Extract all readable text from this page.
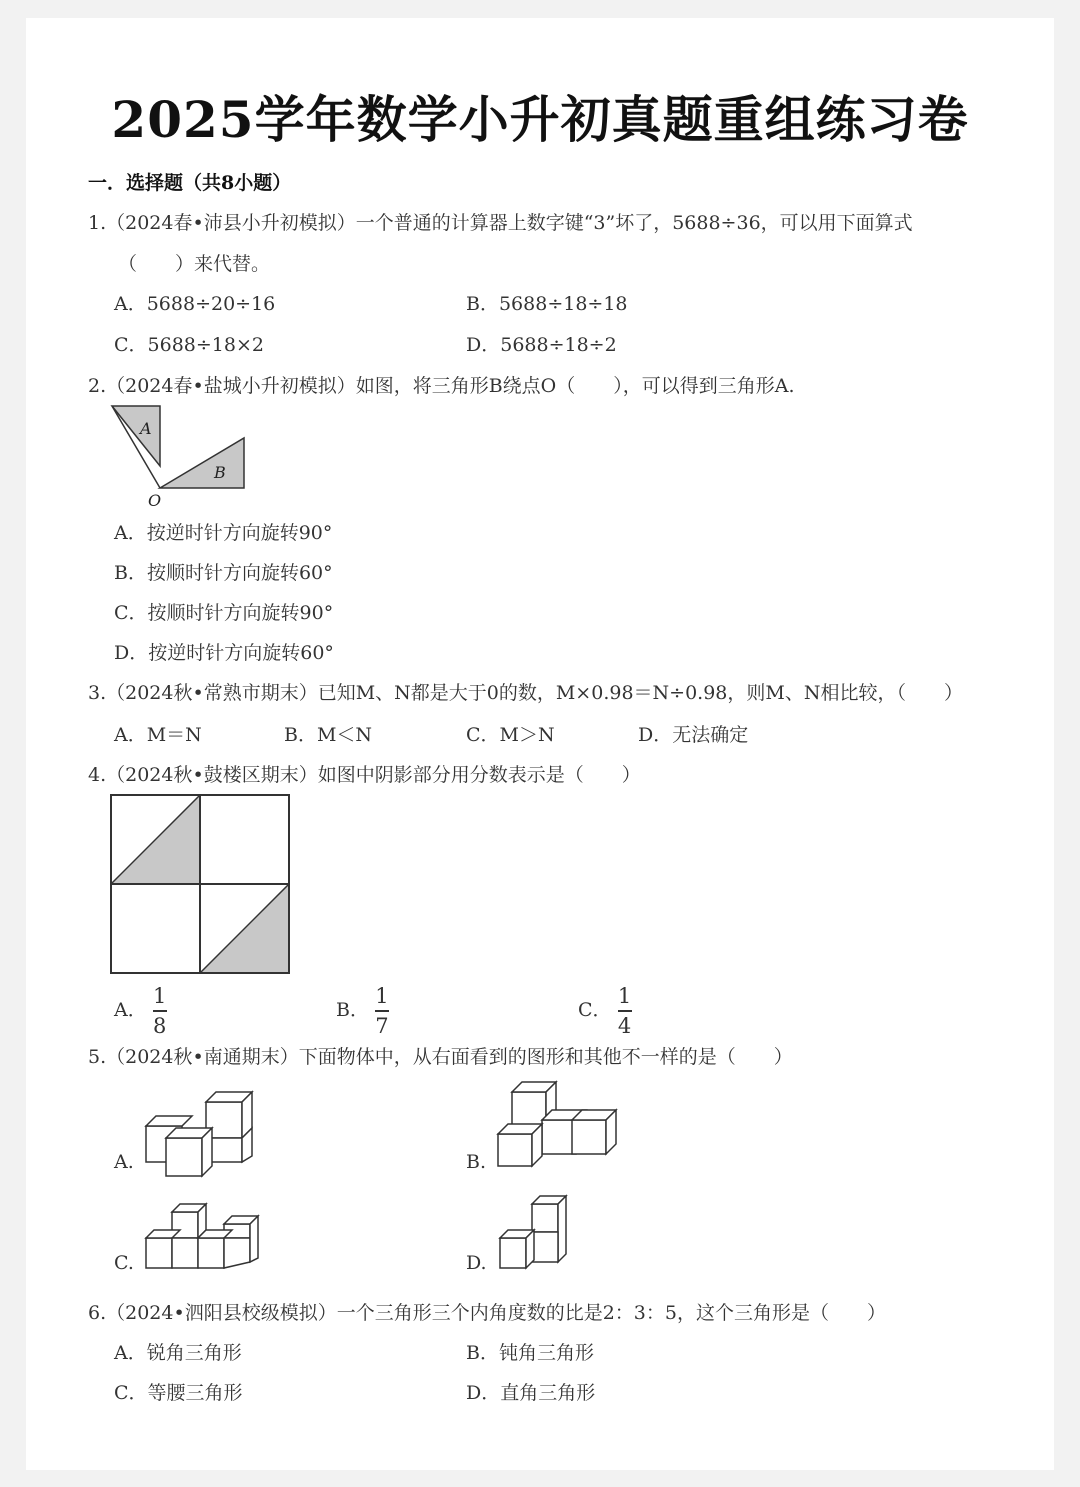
2025学年数学小升初真题重组练习卷
一．选择题（共8小题）
1.（2024春•沛县小升初模拟）一个普通的计算器上数字键“3”坏了，5688÷36，可以用下面算式
（　　）来代替。
A．5688÷20÷16	B．5688÷18÷18
C．5688÷18×2	D．5688÷18÷2
2.（2024春•盐城小升初模拟）如图，将三角形B绕点O（　　），可以得到三角形A.
A
B
O
A．按逆时针方向旋转90°
B．按顺时针方向旋转60°
C．按顺时针方向旋转90°
D．按逆时针方向旋转60°
3.（2024秋•常熟市期末）已知M、N都是大于0的数，M×0.98＝N÷0.98，则M、N相比较，（　　）
A．M＝N	B．M＜N	C．M＞N	D．无法确定
4.（2024秋•鼓楼区期末）如图中阴影部分用分数表示是（　　）
A． $\frac{1}{8}$	B． $\frac{1}{7}$	C． $\frac{1}{4}$
5.（2024秋•南通期末）下面物体中，从右面看到的图形和其他不一样的是（　　）
A.	B.
C.	D.
6.（2024•泗阳县校级模拟）一个三角形三个内角度数的比是2：3：5，这个三角形是（　　）
A．锐角三角形	B．钝角三角形
C．等腰三角形	D．直角三角形
